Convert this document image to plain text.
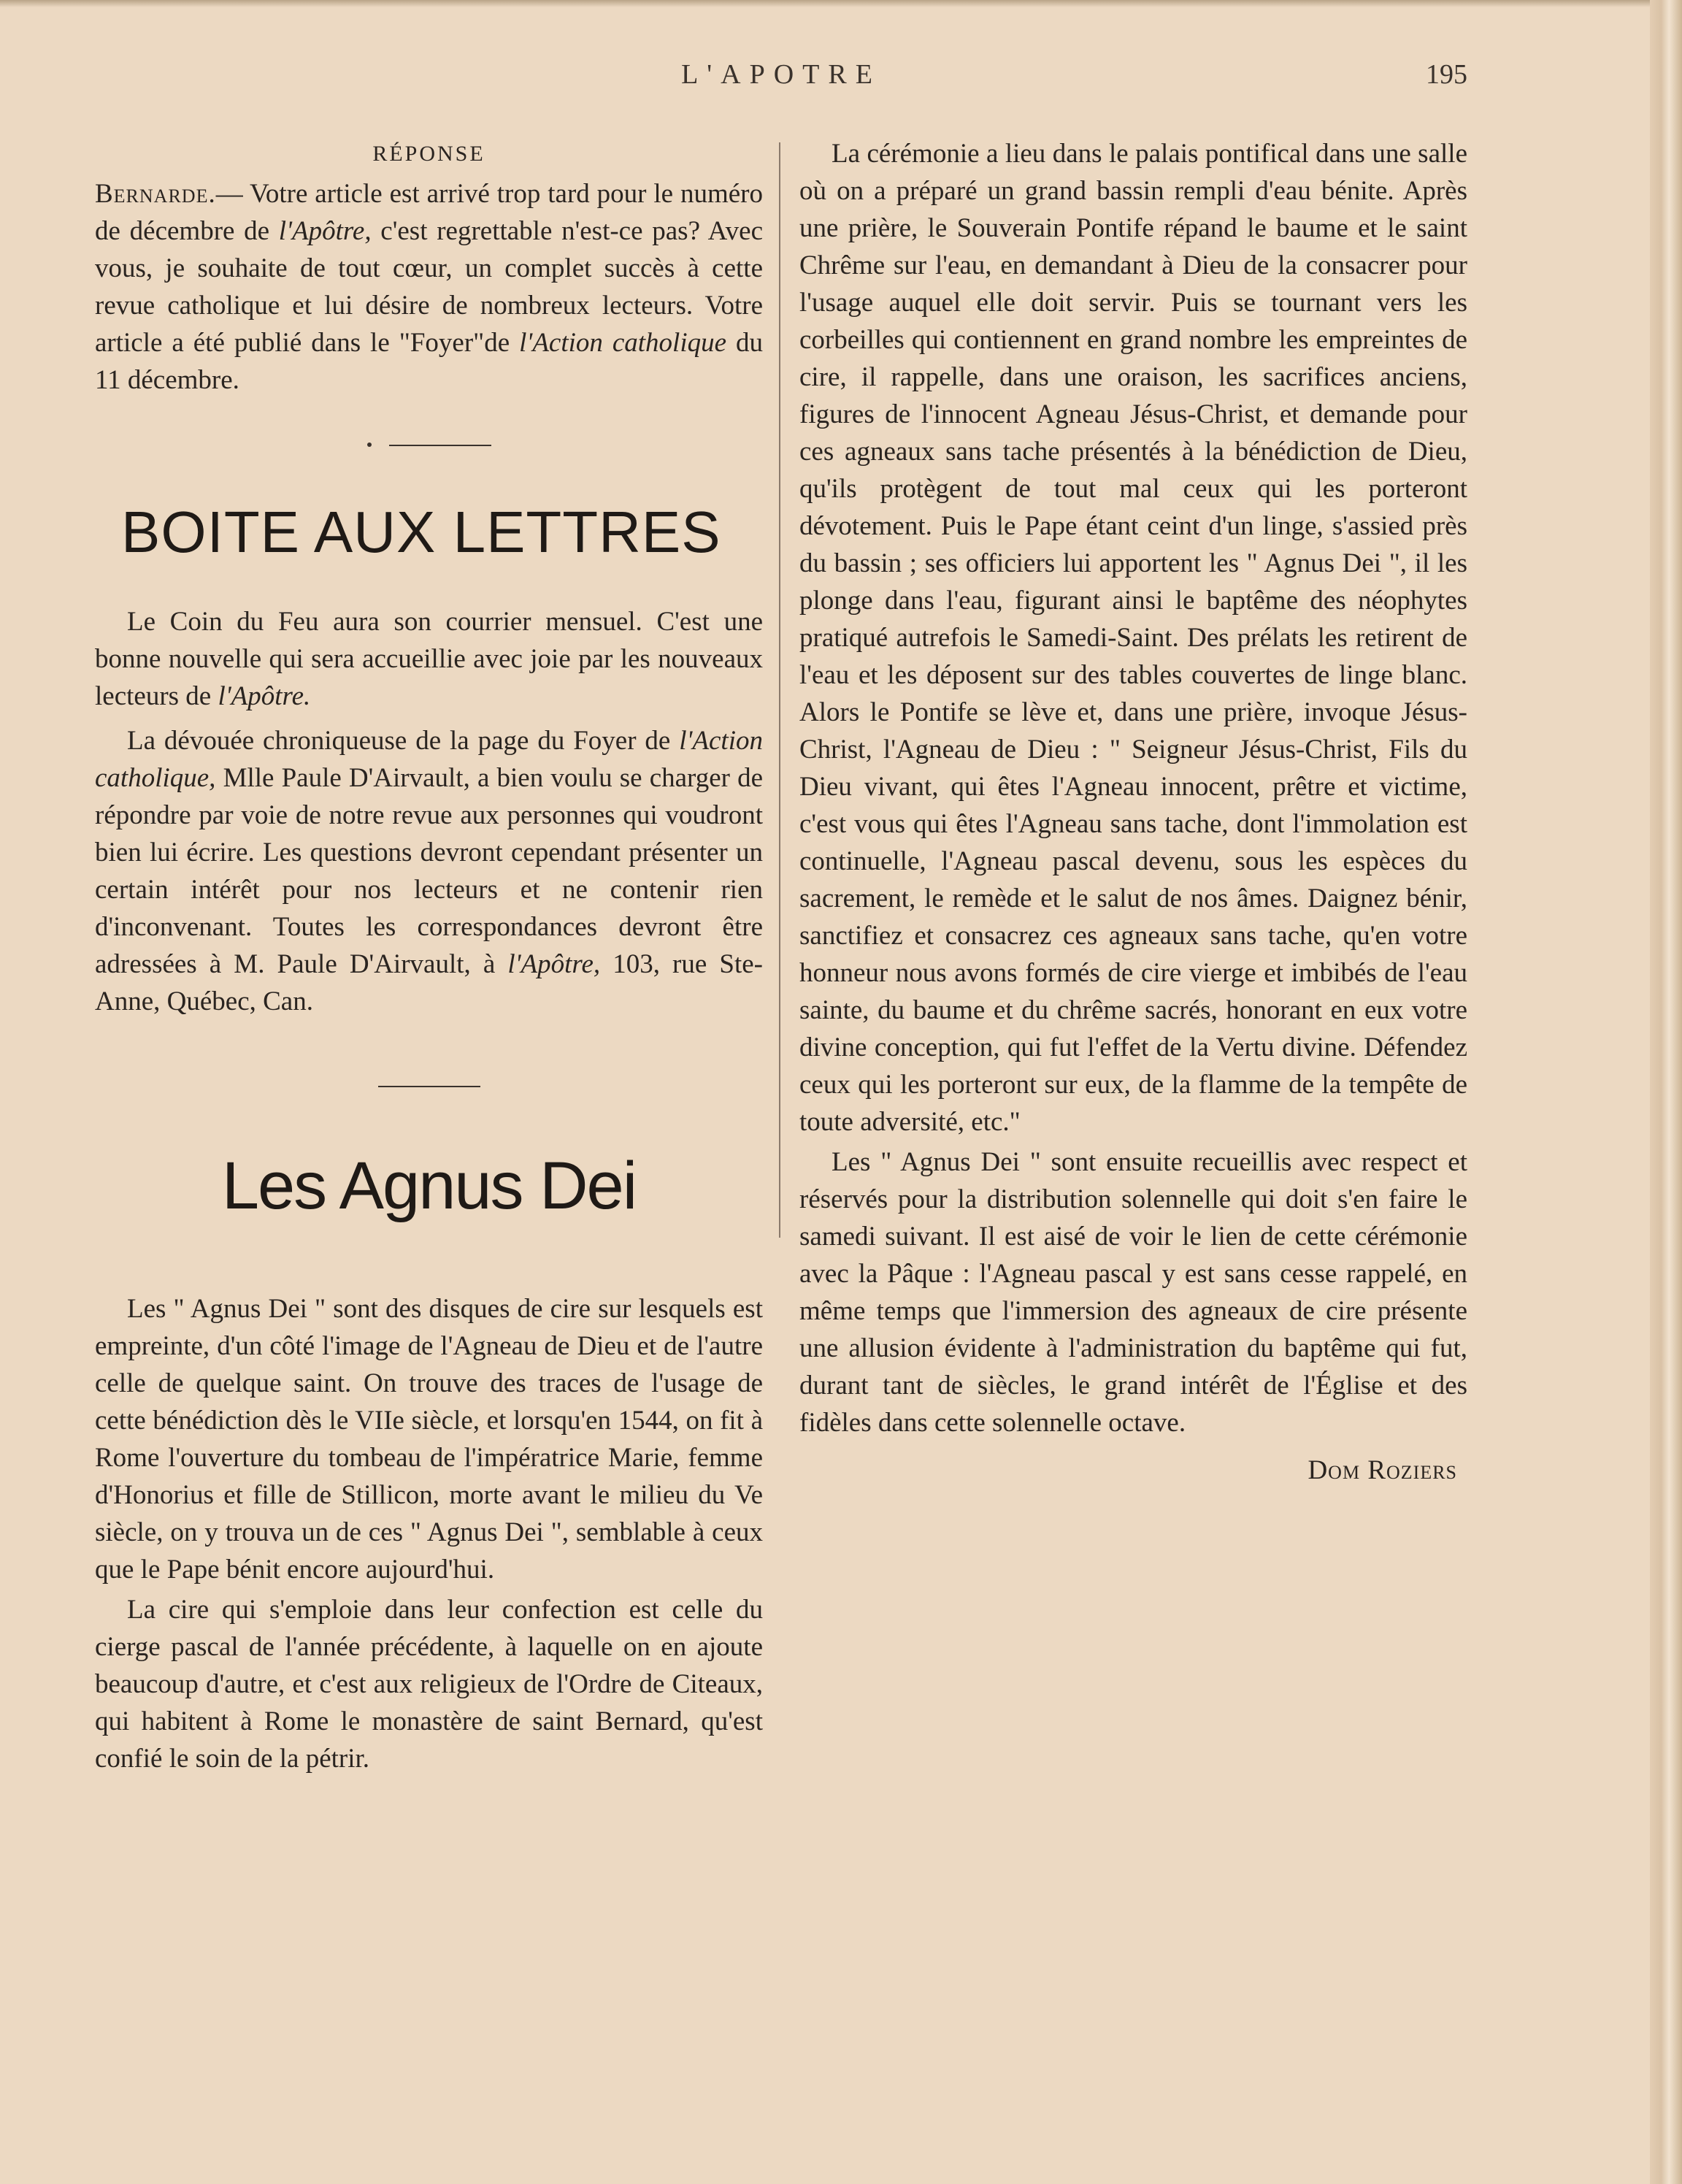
L'APOTRE	195
RÉPONSE

Bernarde.— Votre article est arrivé trop tard pour le numéro de décembre de l'Apôtre, c'est regrettable n'est-ce pas? Avec vous, je souhaite de tout cœur, un complet succès à cette revue catholique et lui désire de nombreux lecteurs. Votre article a été publié dans le "Foyer"de l'Action catholique du 11 décembre.

BOITE AUX LETTRES

Le Coin du Feu aura son courrier mensuel. C'est une bonne nouvelle qui sera accueillie avec joie par les nouveaux lecteurs de l'Apôtre.

La dévouée chroniqueuse de la page du Foyer de l'Action catholique, Mlle Paule D'Airvault, a bien voulu se charger de répondre par voie de notre revue aux personnes qui voudront bien lui écrire. Les questions devront cependant présenter un certain intérêt pour nos lecteurs et ne contenir rien d'inconvenant. Toutes les correspondances devront être adressées à M. Paule D'Airvault, à l'Apôtre, 103, rue Ste-Anne, Québec, Can.

Les Agnus Dei

Les " Agnus Dei " sont des disques de cire sur lesquels est empreinte, d'un côté l'image de l'Agneau de Dieu et de l'autre celle de quelque saint. On trouve des traces de l'usage de cette bénédiction dès le VIIe siècle, et lorsqu'en 1544, on fit à Rome l'ouverture du tombeau de l'impératrice Marie, femme d'Honorius et fille de Stillicon, morte avant le milieu du Ve siècle, on y trouva un de ces " Agnus Dei ", semblable à ceux que le Pape bénit encore aujourd'hui.

La cire qui s'emploie dans leur confection est celle du cierge pascal de l'année précédente, à laquelle on en ajoute beaucoup d'autre, et c'est aux religieux de l'Ordre de Citeaux, qui habitent à Rome le monastère de saint Bernard, qu'est confié le soin de la pétrir.

La cérémonie a lieu dans le palais pontifical dans une salle où on a préparé un grand bassin rempli d'eau bénite. Après une prière, le Souverain Pontife répand le baume et le saint Chrême sur l'eau, en demandant à Dieu de la consacrer pour l'usage auquel elle doit servir. Puis se tournant vers les corbeilles qui contiennent en grand nombre les empreintes de cire, il rappelle, dans une oraison, les sacrifices anciens, figures de l'innocent Agneau Jésus-Christ, et demande pour ces agneaux sans tache présentés à la bénédiction de Dieu, qu'ils protègent de tout mal ceux qui les porteront dévotement. Puis le Pape étant ceint d'un linge, s'assied près du bassin ; ses officiers lui apportent les " Agnus Dei ", il les plonge dans l'eau, figurant ainsi le baptême des néophytes pratiqué autrefois le Samedi-Saint. Des prélats les retirent de l'eau et les déposent sur des tables couvertes de linge blanc. Alors le Pontife se lève et, dans une prière, invoque Jésus-Christ, l'Agneau de Dieu : " Seigneur Jésus-Christ, Fils du Dieu vivant, qui êtes l'Agneau innocent, prêtre et victime, c'est vous qui êtes l'Agneau sans tache, dont l'immolation est continuelle, l'Agneau pascal devenu, sous les espèces du sacrement, le remède et le salut de nos âmes. Daignez bénir, sanctifiez et consacrez ces agneaux sans tache, qu'en votre honneur nous avons formés de cire vierge et imbibés de l'eau sainte, du baume et du chrême sacrés, honorant en eux votre divine conception, qui fut l'effet de la Vertu divine. Défendez ceux qui les porteront sur eux, de la flamme de la tempête de toute adversité, etc."

Les " Agnus Dei " sont ensuite recueillis avec respect et réservés pour la distribution solennelle qui doit s'en faire le samedi suivant. Il est aisé de voir le lien de cette cérémonie avec la Pâque : l'Agneau pascal y est sans cesse rappelé, en même temps que l'immersion des agneaux de cire présente une allusion évidente à l'administration du baptême qui fut, durant tant de siècles, le grand intérêt de l'Église et des fidèles dans cette solennelle octave.

Dom Roziers
